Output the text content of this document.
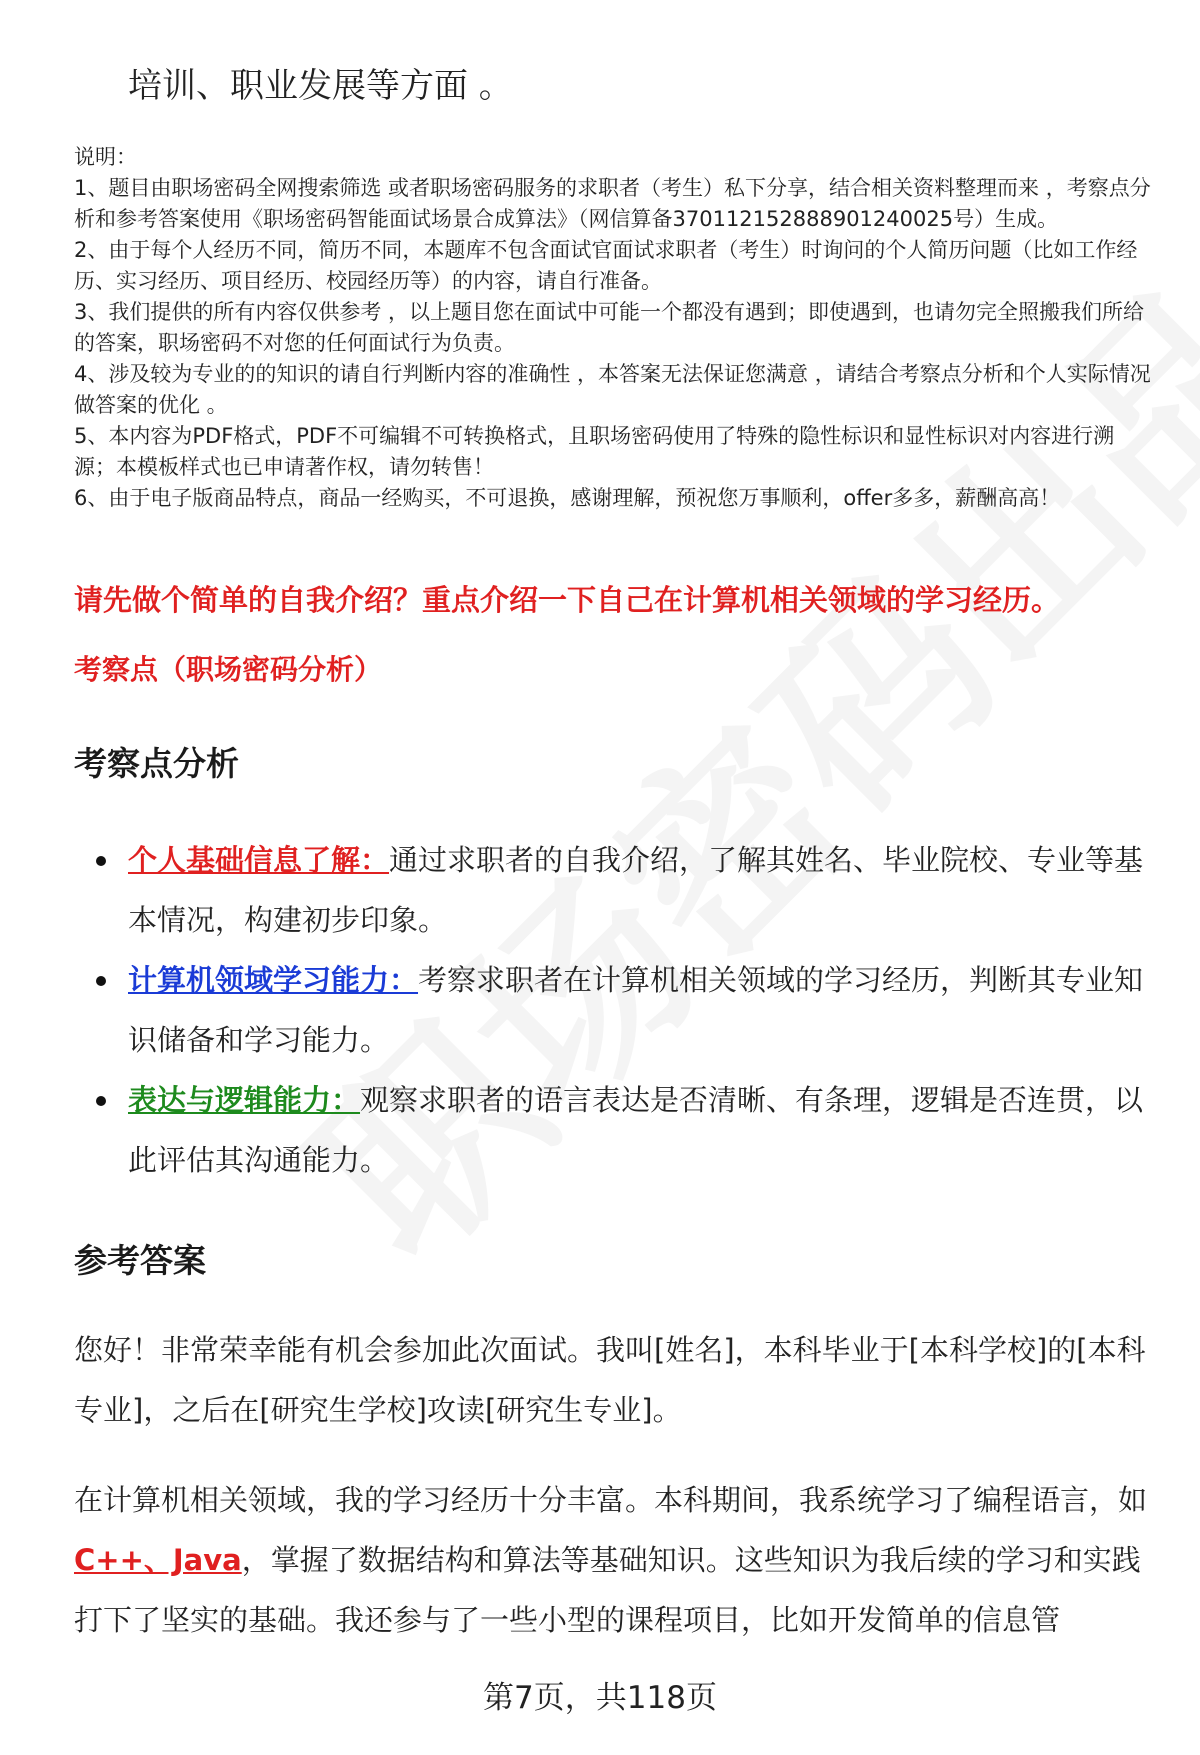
培训、职业发展等方面 。

说明：

1、题目由职场密码全网搜索筛选 或者职场密码服务的求职者（考生）私下分享，结合相关资料整理而来 ，考察点分析和参考答案使用《职场密码智能面试场景合成算法》（网信算备370112152888901240025号）生成。

2、由于每个人经历不同，简历不同，本题库不包含面试官面试求职者（考生）时询问的个人简历问题（比如工作经历、实习经历、项目经历、校园经历等）的内容，请自行准备。

3、我们提供的所有内容仅供参考 ，以上题目您在面试中可能一个都没有遇到；即使遇到，也请勿完全照搬我们所给的答案，职场密码不对您的任何面试行为负责。

4、涉及较为专业的的知识的请自行判断内容的准确性 ，本答案无法保证您满意 ，请结合考察点分析和个人实际情况做答案的优化 。

5、本内容为PDF格式，PDF不可编辑不可转换格式，且职场密码使用了特殊的隐性标识和显性标识对内容进行溯源；本模板样式也已申请著作权，请勿转售！

6、由于电子版商品特点，商品一经购买，不可退换，感谢理解，预祝您万事顺利，offer多多，薪酬高高！

请先做个简单的自我介绍？重点介绍一下自己在计算机相关领域的学习经历。
考察点（职场密码分析）
考察点分析
个人基础信息了解：通过求职者的自我介绍，了解其姓名、毕业院校、专业等基本情况，构建初步印象。
计算机领域学习能力：考察求职者在计算机相关领域的学习经历，判断其专业知识储备和学习能力。
表达与逻辑能力：观察求职者的语言表达是否清晰、有条理，逻辑是否连贯，以此评估其沟通能力。
参考答案

您好！非常荣幸能有机会参加此次面试。我叫[姓名]，本科毕业于[本科学校]的[本科专业]，之后在[研究生学校]攻读[研究生专业]。

在计算机相关领域，我的学习经历十分丰富。本科期间，我系统学习了编程语言，如C++、Java，掌握了数据结构和算法等基础知识。这些知识为我后续的学习和实践打下了坚实的基础。我还参与了一些小型的课程项目，比如开发简单的信息管

第7页，共118页
